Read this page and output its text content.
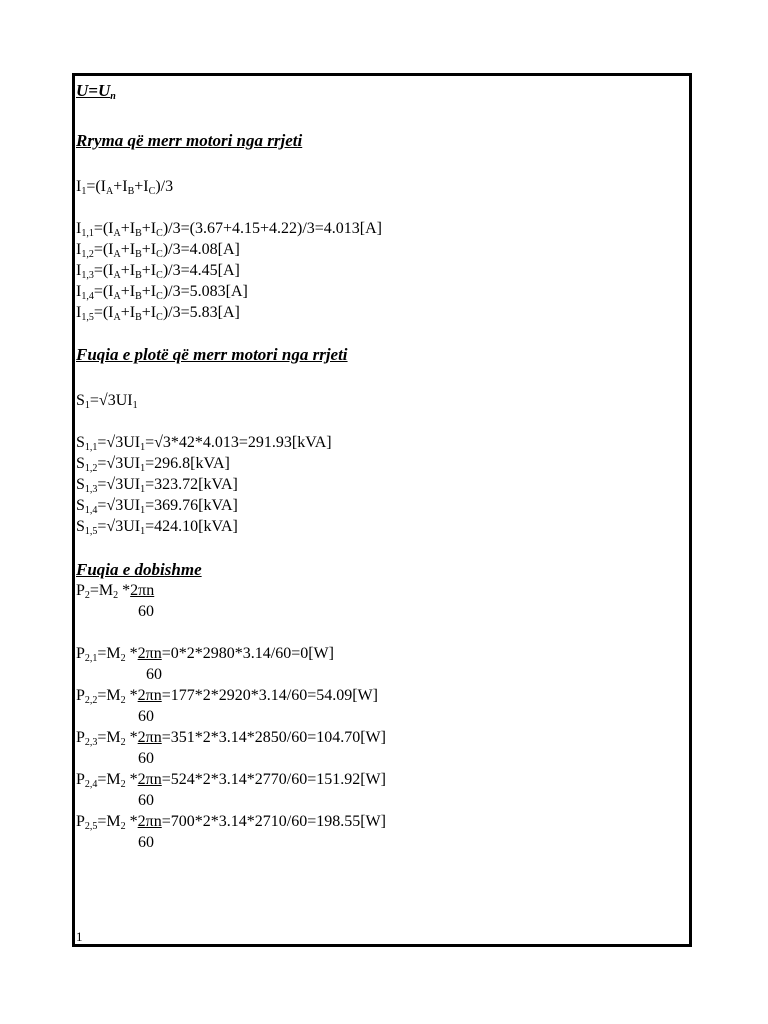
$U=U_n$
Rryma që merr motori nga rrjeti
$I_1=(I_A+I_B+I_C)/3$
$I_{1,1}=(I_A+I_B+I_C)/3=(3.67+4.15+4.22)/3=4.013[A]$
$I_{1,2}=(I_A+I_B+I_C)/3=4.08[A]$
$I_{1,3}=(I_A+I_B+I_C)/3=4.45[A]$
$I_{1,4}=(I_A+I_B+I_C)/3=5.083[A]$
$I_{1,5}=(I_A+I_B+I_C)/3=5.83[A]$
Fuqia e plotë që merr motori nga rrjeti
$S_1=√3UI_1$
$S_{1,1}=√3UI_1=√3*42*4.013=291.93[kVA]$
$S_{1,2}=√3UI_1=296.8[kVA]$
$S_{1,3}=√3UI_1=323.72[kVA]$
$S_{1,4}=√3UI_1=369.76[kVA]$
$S_{1,5}=√3UI_1=424.10[kVA]$
Fuqia e dobishme
$P_2=M_2$ *2πn
60
$P_{2,1}=M_2$ *2πn=0*2*2980*3.14/60=0[W]
60
$P_{2,2}=M_2$ *2πn=177*2*2920*3.14/60=54.09[W]
60
$P_{2,3}=M_2$ *2πn=351*2*3.14*2850/60=104.70[W]
60
$P_{2,4}=M_2$ *2πn=524*2*3.14*2770/60=151.92[W]
60
$P_{2,5}=M_2$ *2πn=700*2*3.14*2710/60=198.55[W]
60
1
